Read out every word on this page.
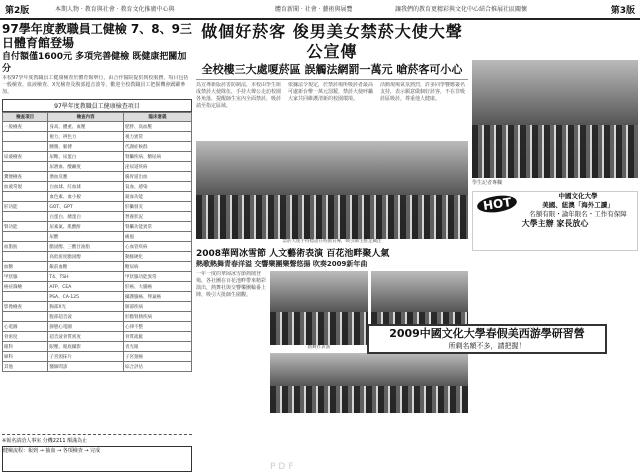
第2版	本期人物 · 教育與社會 · 教育文化推廣中心與	體育新聞 · 社會 · 藝術與展覽	讓我們的教育更精彩與文化中心結合推展社區關懷	第3版
97學年度教職員工健檢 7、8、9三日體育館登場
自付額僅1600元 多項完善健檢 既健康把關加分
本校97學年度教職員工健康檢查於體育館舉行，由合作醫院提供到校服務，項目包括一般檢查、血液檢查、X光檢查及腹部超音波等，歡迎全校教職員工把握機會踴躍參加。
97學年度教職員工健康檢查項目
檢查項目	檢查內容	臨床意義
一般檢查	身高、體重、血壓	肥胖、高血壓
	視力、辨色力	視力異常
	腰圍、脈搏	代謝症候群
尿液檢查	尿糖、尿蛋白	腎臟疾病、糖尿病
	尿潛血、酸鹼度	泌尿道疾病
糞便檢查	潛血反應	腸胃道出血
血液常規	白血球、紅血球	貧血、感染
	血色素、血小板	凝血功能
肝功能	GOT、GPT	肝臟發炎
	白蛋白、總蛋白	營養狀況
腎功能	尿素氮、肌酸酐	腎臟功能異常
	尿酸	痛風
血脂肪	膽固醇、三酸甘油脂	心血管疾病
	高低密度膽固醇	動脈硬化
血糖	飯前血糖	糖尿病
甲狀腺	T4、TSH	甲狀腺功能異常
癌症篩檢	AFP、CEA	肝癌、大腸癌
	PSA、CA-125	攝護腺癌、卵巢癌
影像檢查	胸部X光	肺部疾病
	腹部超音波	肝膽腎胰疾病
心電圖	靜態心電圖	心律不整
骨密度	超音波骨質密度	骨質疏鬆
眼科	眼壓、眼底攝影	青光眼
婦科	子宮頸抹片	子宮頸癌
其他	醫師問診	綜合評估
※報名請洽人事室 分機2211 額滿為止
健檢流程：報到 → 抽血 → 各項檢查 → 完成
做個好菸客 俊男美女禁菸大使大聲公宣傳
全校樓三大處嗄菸區 誤觸法網罰一萬元 嗆菸客可小心
為宣導新版菸害防制法，本校由學生組成禁菸大使隊伍，手持大聲公走訪校園各角落，提醒師生室內全面禁菸，吸菸請至指定區域。
依據法令規定，於禁菸場所吸菸者最高可處新台幣一萬元罰鍰，禁菸大使呼籲大家共同維護清新的校園環境。
活動現場氣氛熱烈，許多同學響應簽名支持，表示願意做個好菸客，不在非吸菸區吸菸，尊重他人健康。
禁菸大使手持標語在校園宣導，吸引師生駐足關注
2008華岡冰雪節 人文藝術表演 百花池畔聚人氣
熱歌熱舞青春洋溢 交響樂團樂聲悠揚 吹奏2009新年曲
一年一度的華岡冰雪節熱鬧登場，各社團在百花池畔帶來精彩演出，熱舞社與交響樂團輪番上陣，吸引大批師生圍觀。
熱舞社表演
學生記者專欄
HOT	中國文化大學
美國、紐澳「海外工讀」
名額有限・論年限名・工作有保障
大學主辦 家長放心
2009中國文化大學春假美西游學研習營
所剩名額不多，請把握！
PDF
